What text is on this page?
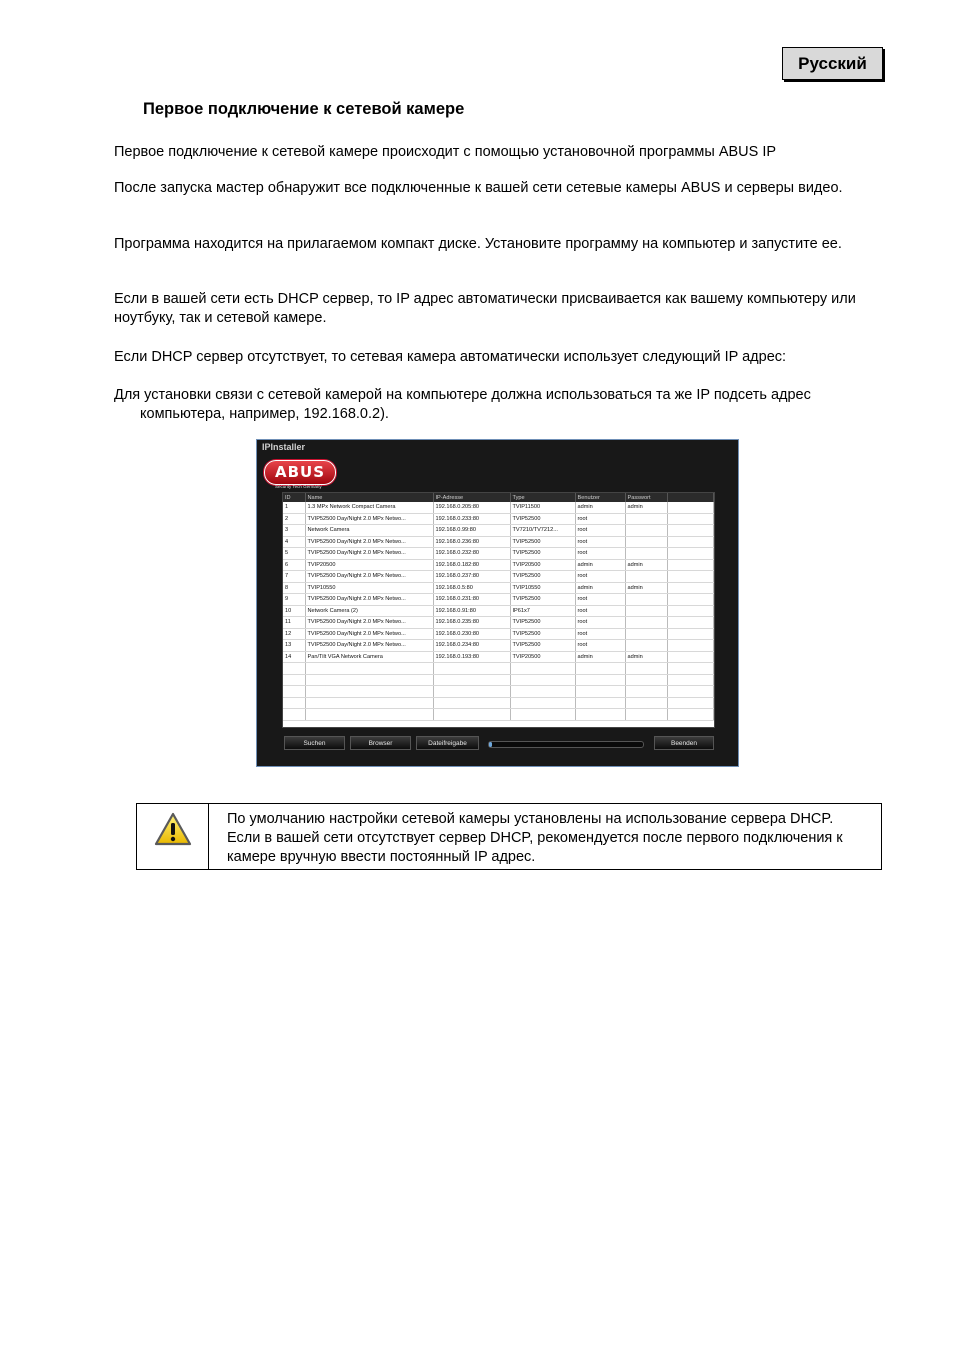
Русский
Первое подключение к сетевой камере
Первое подключение к сетевой камере происходит с помощью установочной программы ABUS IP
После запуска мастер обнаружит все подключенные к вашей сети сетевые камеры ABUS и серверы видео.
Программа находится на прилагаемом компакт диске. Установите программу на компьютер и запустите ее.
Если в вашей сети есть DHCP сервер, то IP адрес автоматически присваивается как вашему компьютеру или ноутбуку, так и сетевой камере.
Если DHCP сервер отсутствует, то сетевая камера автоматически использует следующий IP адрес:
Для установки связи с сетевой камерой на компьютере должна использоваться та же IP подсеть адрес компьютера, например, 192.168.0.2).
IPInstaller
ABUS
Security Tech Germany
ID	Name	IP-Adresse	Type	Benutzer	Passwort	
1	1.3 MPx Network Compact Camera	192.168.0.205:80	TVIP11500	admin	admin	
2	TVIP52500 Day/Night 2.0 MPx Netwo...	192.168.0.233:80	TVIP52500	root		
3	Network Camera	192.168.0.99:80	TV7210/TV7212...	root		
4	TVIP52500 Day/Night 2.0 MPx Netwo...	192.168.0.236:80	TVIP52500	root		
5	TVIP52500 Day/Night 2.0 MPx Netwo...	192.168.0.232:80	TVIP52500	root		
6	TVIP20500	192.168.0.182:80	TVIP20500	admin	admin	
7	TVIP52500 Day/Night 2.0 MPx Netwo...	192.168.0.237:80	TVIP52500	root		
8	TVIP10550	192.168.0.5:80	TVIP10550	admin	admin	
9	TVIP52500 Day/Night 2.0 MPx Netwo...	192.168.0.231:80	TVIP52500	root		
10	Network Camera (2)	192.168.0.91:80	IP61x7	root		
11	TVIP52500 Day/Night 2.0 MPx Netwo...	192.168.0.235:80	TVIP52500	root		
12	TVIP52500 Day/Night 2.0 MPx Netwo...	192.168.0.230:80	TVIP52500	root		
13	TVIP52500 Day/Night 2.0 MPx Netwo...	192.168.0.234:80	TVIP52500	root		
14	Pan/Tilt VGA Network Camera	192.168.0.193:80	TVIP20500	admin	admin	

Suchen	Browser	Dateifreigabe	Beenden
По умолчанию настройки сетевой камеры установлены на использование сервера DHCP. Если в вашей сети отсутствует сервер DHCP, рекомендуется после первого подключения к камере вручную ввести постоянный IP адрес.
